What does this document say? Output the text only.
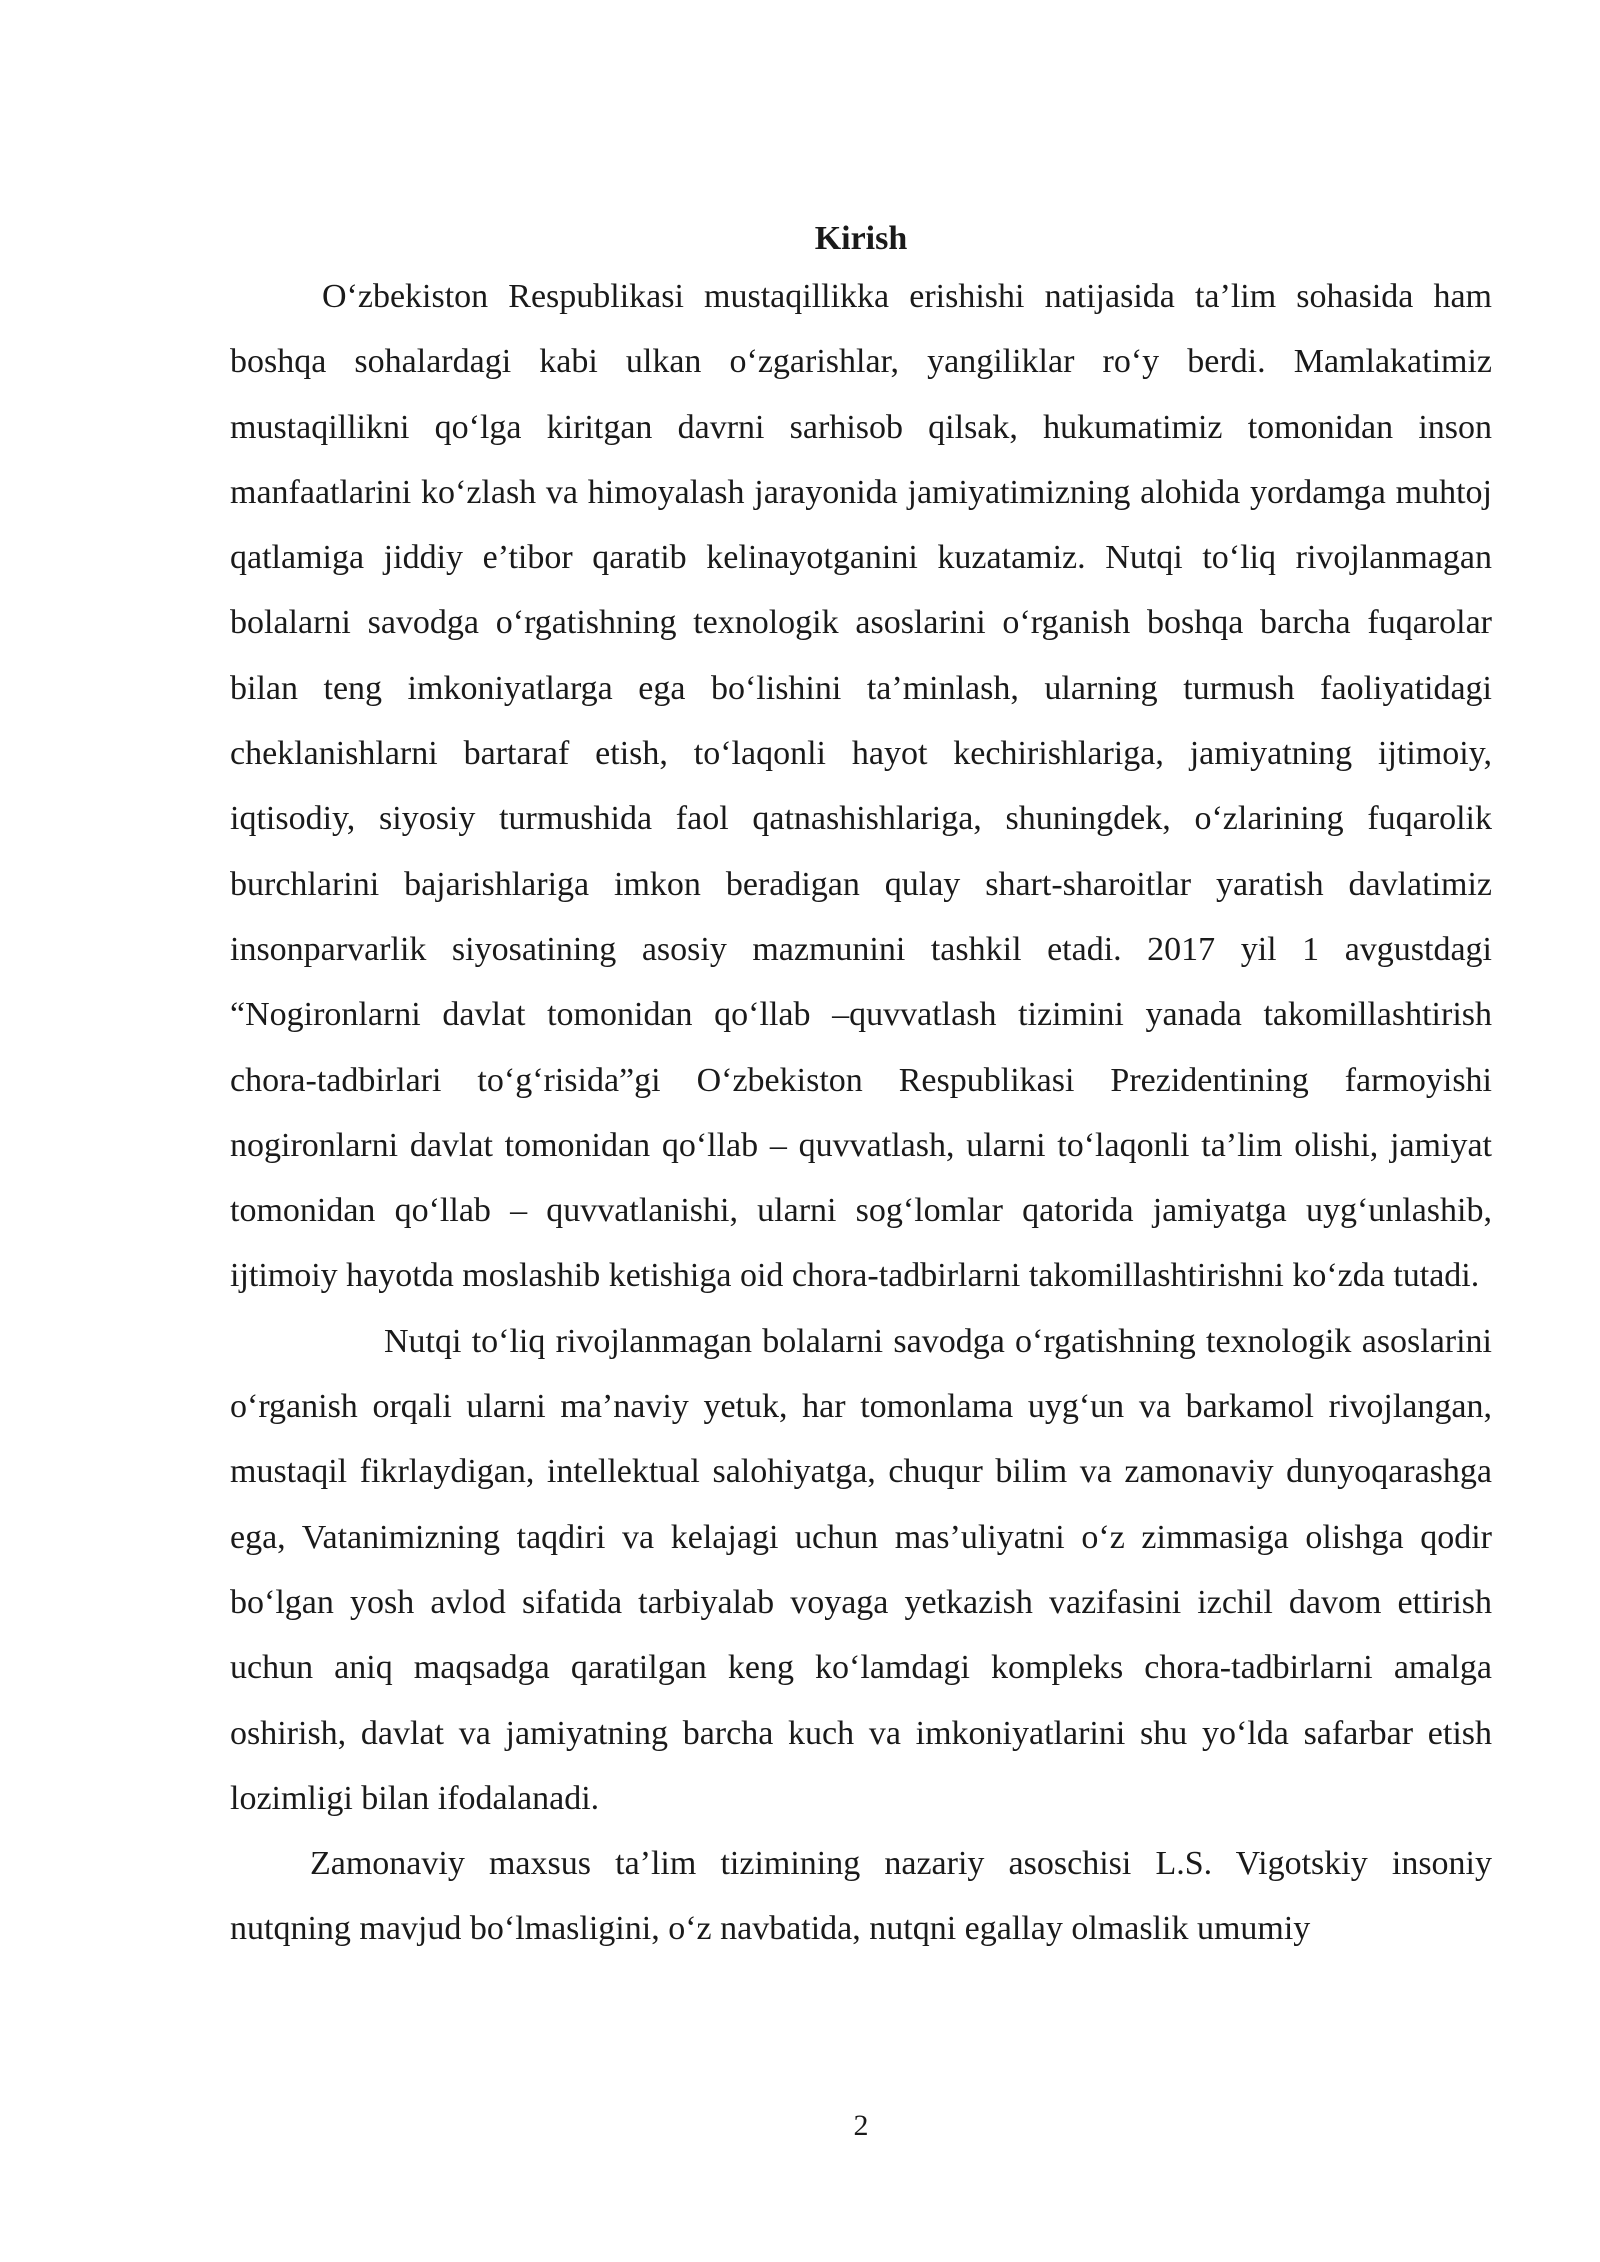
Kirish

O‘zbekiston Respublikasi mustaqillikka erishishi natijasida ta’lim sohasida ham boshqa sohalardagi kabi ulkan o‘zgarishlar, yangiliklar ro‘y berdi. Mamlakatimiz mustaqillikni qo‘lga kiritgan davrni sarhisob qilsak, hukumatimiz tomonidan inson manfaatlarini ko‘zlash va himoyalash jarayonida jamiyatimizning alohida yordamga muhtoj qatlamiga jiddiy e’tibor qaratib kelinayotganini kuzatamiz. Nutqi to‘liq rivojlanmagan bolalarni savodga o‘rgatishning texnologik asoslarini o‘rganish boshqa barcha fuqarolar bilan teng imkoniyatlarga ega bo‘lishini ta’minlash, ularning turmush faoliyatidagi cheklanishlarni bartaraf etish, to‘laqonli hayot kechirishlariga, jamiyatning ijtimoiy, iqtisodiy, siyosiy turmushida faol qatnashishlariga, shuningdek, o‘zlarining fuqarolik burchlarini bajarishlariga imkon beradigan qulay shart-sharoitlar yaratish davlatimiz insonparvarlik siyosatining asosiy mazmunini tashkil etadi. 2017 yil 1 avgustdagi “Nogironlarni davlat tomonidan qo‘llab –quvvatlash tizimini yanada takomillashtirish chora-tadbirlari to‘g‘risida”gi O‘zbekiston Respublikasi Prezidentining farmoyishi nogironlarni davlat tomonidan qo‘llab – quvvatlash, ularni to‘laqonli ta’lim olishi, jamiyat tomonidan qo‘llab – quvvatlanishi, ularni sog‘lomlar qatorida jamiyatga uyg‘unlashib, ijtimoiy hayotda moslashib ketishiga oid chora-tadbirlarni takomillashtirishni ko‘zda tutadi.

Nutqi to‘liq rivojlanmagan bolalarni savodga o‘rgatishning texnologik asoslarini o‘rganish orqali ularni ma’naviy yetuk, har tomonlama uyg‘un va barkamol rivojlangan, mustaqil fikrlaydigan, intellektual salohiyatga, chuqur bilim va zamonaviy dunyoqarashga ega, Vatanimizning taqdiri va kelajagi uchun mas’uliyatni o‘z zimmasiga olishga qodir bo‘lgan yosh avlod sifatida tarbiyalab voyaga yetkazish vazifasini izchil davom ettirish uchun aniq maqsadga qaratilgan keng ko‘lamdagi kompleks chora-tadbirlarni amalga oshirish, davlat va jamiyatning barcha kuch va imkoniyatlarini shu yo‘lda safarbar etish lozimligi bilan ifodalanadi.

Zamonaviy maxsus ta’lim tizimining nazariy asoschisi L.S. Vigotskiy insoniy nutqning mavjud bo‘lmasligini, o‘z navbatida, nutqni egallay olmaslik umumiy

2
